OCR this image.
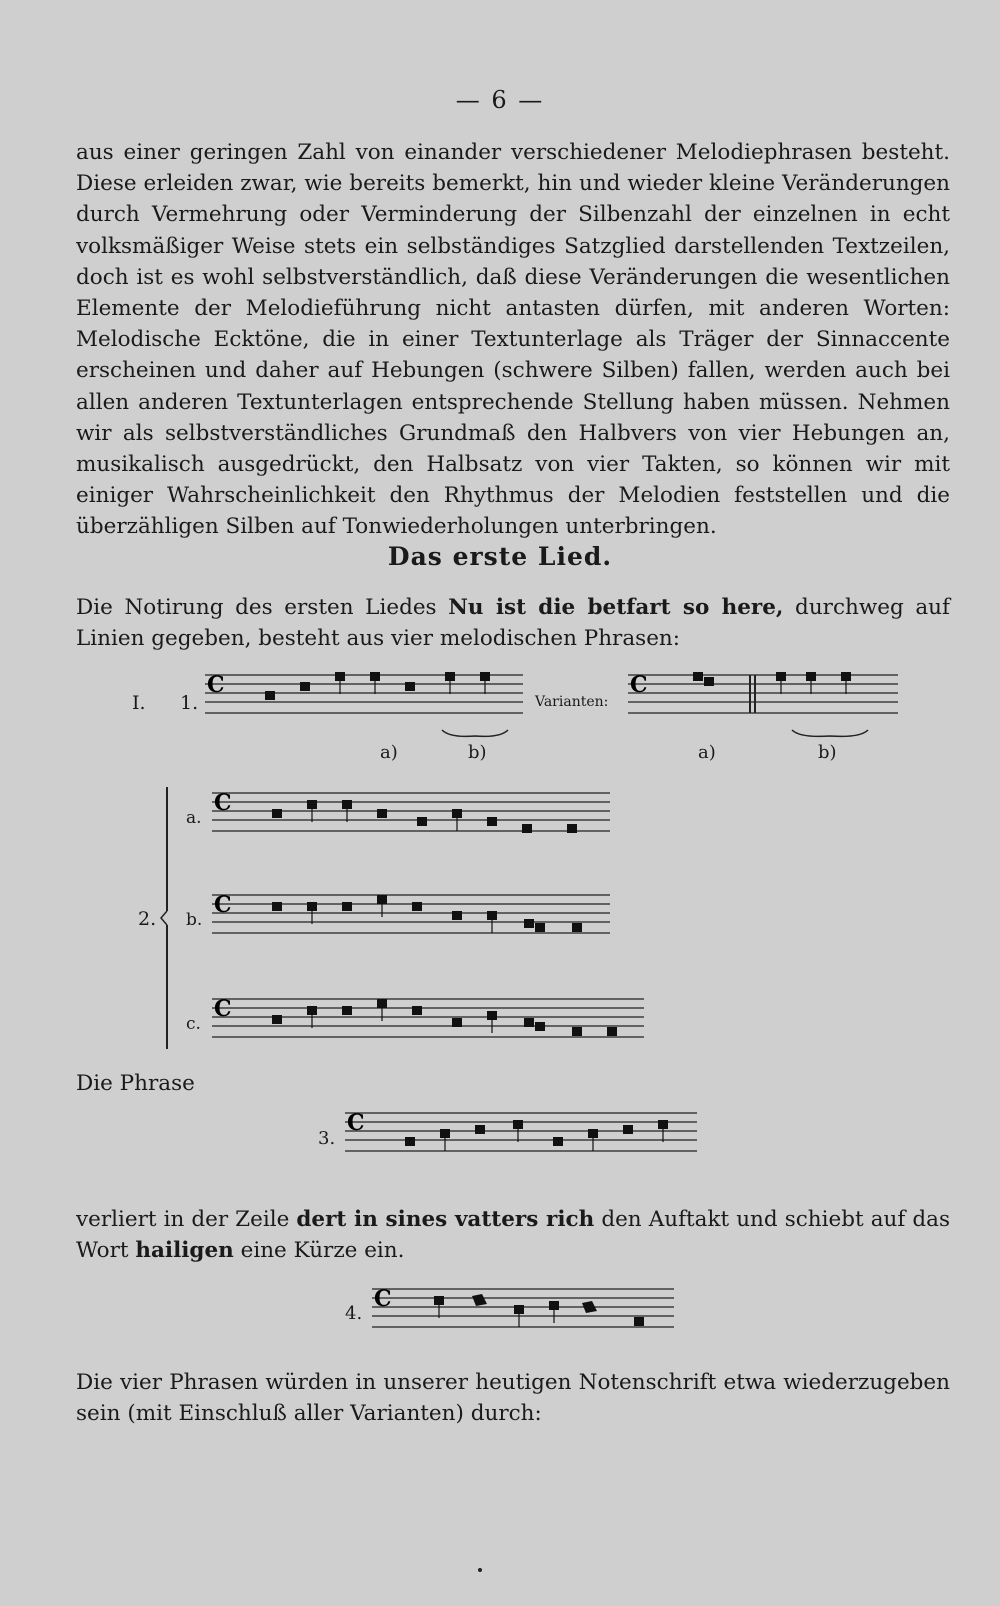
— 6 —

aus einer geringen Zahl von einander verschiedener Melodiephrasen besteht. Diese erleiden zwar, wie bereits bemerkt, hin und wieder kleine Veränderungen durch Vermehrung oder Verminderung der Silbenzahl der einzelnen in echt volksmäßiger Weise stets ein selbständiges Satzglied darstellenden Textzeilen, doch ist es wohl selbstverständlich, daß diese Veränderungen die wesentlichen Elemente der Melodieführung nicht antasten dürfen, mit anderen Worten: Melodische Ecktöne, die in einer Textunterlage als Träger der Sinnaccente erscheinen und daher auf Hebungen (schwere Silben) fallen, werden auch bei allen anderen Textunterlagen entsprechende Stellung haben müssen. Nehmen wir als selbstverständliches Grundmaß den Halbvers von vier Hebungen an, musikalisch ausgedrückt, den Halbsatz von vier Takten, so können wir mit einiger Wahrscheinlichkeit den Rhythmus der Melodien feststellen und die überzähligen Silben auf Tonwiederholungen unterbringen.

Das erste Lied.

Die Notirung des ersten Liedes Nu ist die betfart so here, durchweg auf Linien gegeben, besteht aus vier melodischen Phrasen:

I. 1.
C
Varianten:
C
a)	b)	a)	b)
2.
a.
C
b.
C
c.
C
Die Phrase
3.
C

verliert in der Zeile dert in sines vatters rich den Auftakt und schiebt auf das Wort hailigen eine Kürze ein.

4.
C

Die vier Phrasen würden in unserer heutigen Notenschrift etwa wiederzugeben sein (mit Einschluß aller Varianten) durch:
